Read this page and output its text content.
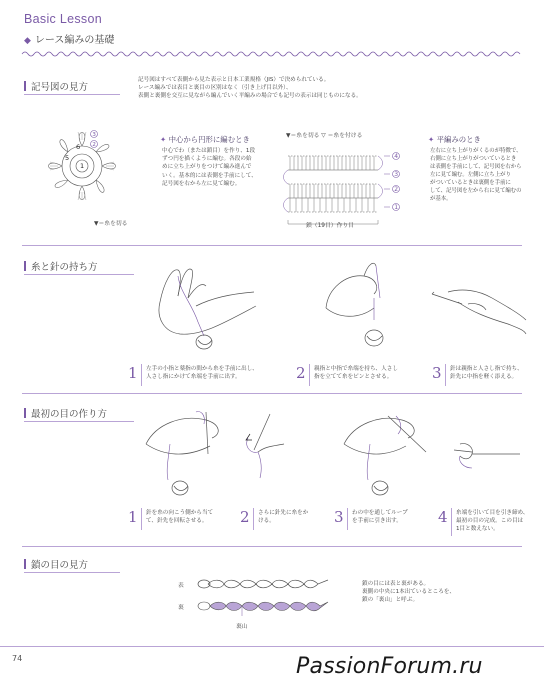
Basic Lesson
◆ レース編みの基礎
記号図の見方
記号図はすべて表側から見た表示と日本工業規格（JIS）で決められている。
レース編みでは表目と裏目の区別はなく（引き上げ目以外）、
表側と裏側を交互に見ながら編んでいく平編みの場合でも記号の表示は同じものになる。
1
5
6
3
2
▼＝糸を切る
✦ 中心から円形に編むとき
中心でわ（または鎖目）を作り、1段
ずつ円を描くように編む。各段の始
めに立ち上がりをつけて編み進んで
いく。基本的には表側を手前にして、
記号図を右から左に見て編む。
▼＝糸を切る ▽ ＝糸を付ける
4
3
2
1
鎖（19目）作り目
✦ 平編みのとき
左右に立ち上がりがくるのが特徴で、
右側に立ち上がりがついているとき
は表側を手前にして、記号図を右から
左に見て編む。左側に立ち上がり
がついているときは裏側を手前に
して、記号図を左から右に見て編むの
が基本。
糸と針の持ち方
1 左手の小指と薬指の間から糸を手前に出し、
人さし指にかけて糸端を手前に出す。	2 親指と中指で糸端を持ち、人さし
指を立てて糸をピンとさせる。	3 針は親指と人さし指で持ち、
針先に中指を軽く添える。
最初の目の作り方
1 針を糸の向こう側から当て
て、針先を回転させる。	2 さらに針先に糸をか
ける。	3 わの中を通してループ
を手前に引き出す。	4 糸端を引いて目を引き締め、
最初の目の完成。この目は
1目と数えない。
鎖の目の見方
表
裏
裏山
鎖の目には表と裏がある。
裏側の中央に1本出ているところを、
鎖の「裏山」と呼ぶ。
74	PassionForum.ru
